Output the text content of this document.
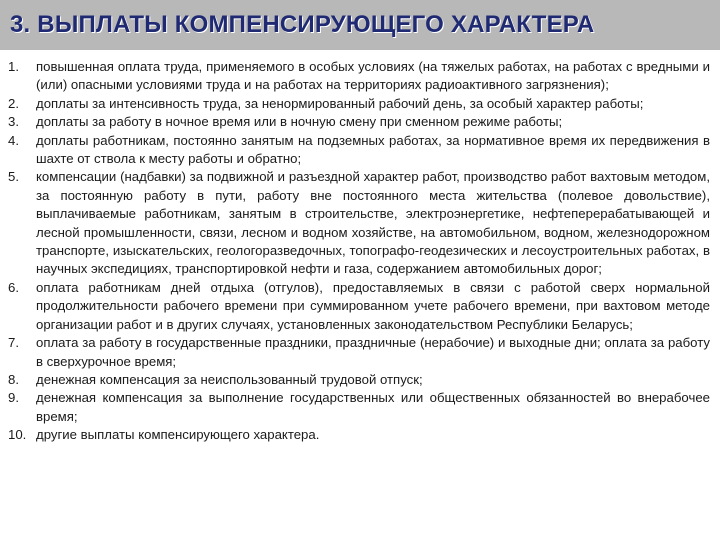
3. ВЫПЛАТЫ КОМПЕНСИРУЮЩЕГО ХАРАКТЕРА
1.	повышенная оплата труда, применяемого в особых условиях (на тяжелых работах, на работах с вредными и (или) опасными условиями труда и на работах на территориях радиоактивного загрязнения);
2.	доплаты за интенсивность труда, за ненормированный рабочий день, за особый характер работы;
3.	доплаты за работу в ночное время или в ночную смену при сменном режиме работы;
4.	доплаты работникам, постоянно занятым на подземных работах, за нормативное время их передвижения в шахте от ствола к месту работы и обратно;
5.	компенсации (надбавки) за подвижной и разъездной характер работ, производство работ вахтовым методом, за постоянную работу в пути, работу вне постоянного места жительства (полевое довольствие), выплачиваемые работникам, занятым в строительстве, электроэнергетике, нефтеперерабатывающей и лесной промышленности, связи, лесном и водном хозяйстве, на автомобильном, водном, железнодорожном транспорте, изыскательских, геологоразведочных, топографо-геодезических и лесоустроительных работах, в научных экспедициях, транспортировкой нефти и газа, содержанием автомобильных дорог;
6.	оплата работникам дней отдыха (отгулов), предоставляемых в связи с работой сверх нормальной продолжительности рабочего времени при суммированном учете рабочего времени, при вахтовом методе организации работ и в других случаях, установленных законодательством Республики Беларусь;
7.	оплата за работу в государственные праздники, праздничные (нерабочие) и выходные дни; оплата за работу в сверхурочное время;
8.	денежная компенсация за неиспользованный трудовой отпуск;
9.	денежная компенсация за выполнение государственных или общественных обязанностей во внерабочее время;
10. другие выплаты компенсирующего характера.
